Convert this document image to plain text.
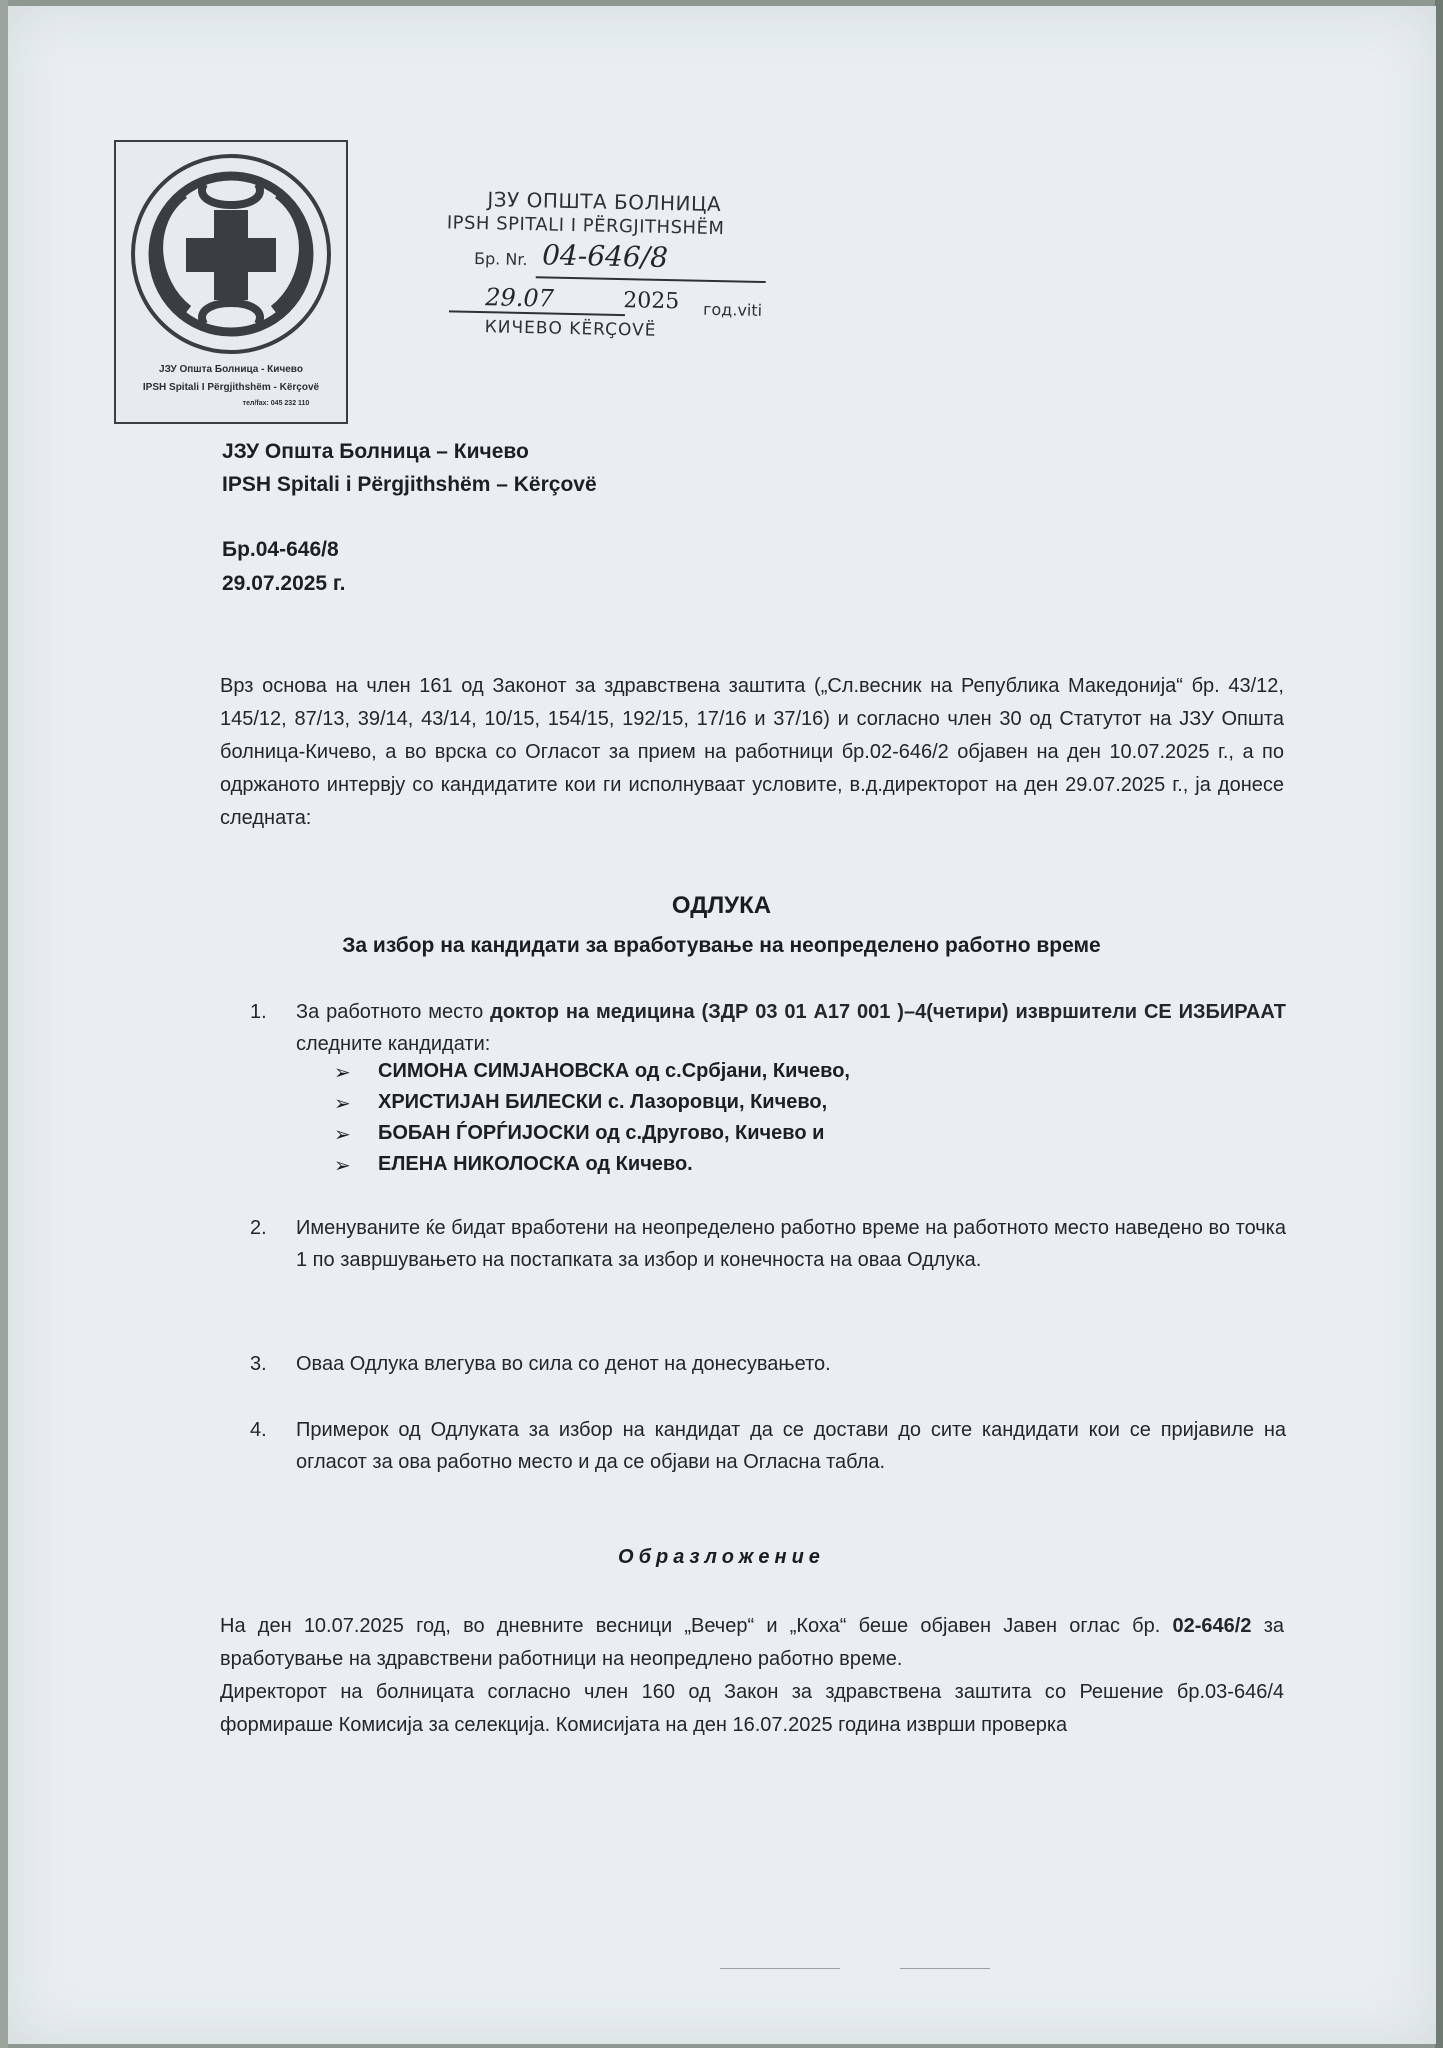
ЈЗУ Општа Болница - Кичево
IPSH Spitali I Përgjithshëm - Kërçovë
тел/fax: 045 232 110
ЈЗУ ОПШТА БОЛНИЦА
IPSH SPITALI I PËRGJITHSHËM
Бр. Nr. 04-646/8
29.07	2025 год.viti
КИЧЕВО KËRÇOVË
ЈЗУ Општа Болница – Кичево
IPSH Spitali i Përgjithshëm – Kërçovë
Бр.04-646/8
29.07.2025 г.
Врз основа на член 161 од Законот за здравствена заштита („Сл.весник на Република Македонија“ бр. 43/12, 145/12, 87/13, 39/14, 43/14, 10/15, 154/15, 192/15, 17/16 и 37/16) и согласно член 30 од Статутот на ЈЗУ Општа болница-Кичево, а во врска со Огласот за прием на работници бр.02-646/2 објавен на ден 10.07.2025 г., а по одржаното интервју со кандидатите кои ги исполнуваат условите, в.д.директорот на ден 29.07.2025 г., ја донесе следната:
ОДЛУКА
За избор на кандидати за вработување на неопределено работно време
1.	За работното место доктор на медицина (ЗДР 03 01 А17 001 )–4(четири) извршители СЕ ИЗБИРААТ следните кандидати:
➢ СИМОНА СИМЈАНОВСКА од с.Србјани, Кичево,
➢ ХРИСТИЈАН БИЛЕСКИ с. Лазоровци, Кичево,
➢ БОБАН ЃОРЃИЈОСКИ од с.Другово, Кичево и
➢ ЕЛЕНА НИКОЛОСКА од Кичево.
2.	Именуваните ќе бидат вработени на неопределено работно време на работното место наведено во точка 1 по завршувањето на постапката за избор и конечноста на оваа Одлука.
3.	Оваа Одлука влегува во сила со денот на донесувањето.
4.	Примерок од Одлуката за избор на кандидат да се достави до сите кандидати кои се пријавиле на огласот за ова работно место и да се објави на Огласна табла.
Образложение
На ден 10.07.2025 год, во дневните весници „Вечер“ и „Коха“ беше објавен Јавен оглас бр. 02-646/2 за вработување на здравствени работници на неопредлено работно време.
Директорот на болницата согласно член 160 од Закон за здравствена заштита со Решение бр.03-646/4 формираше Комисија за селекција. Комисијата на ден 16.07.2025 година изврши проверка
